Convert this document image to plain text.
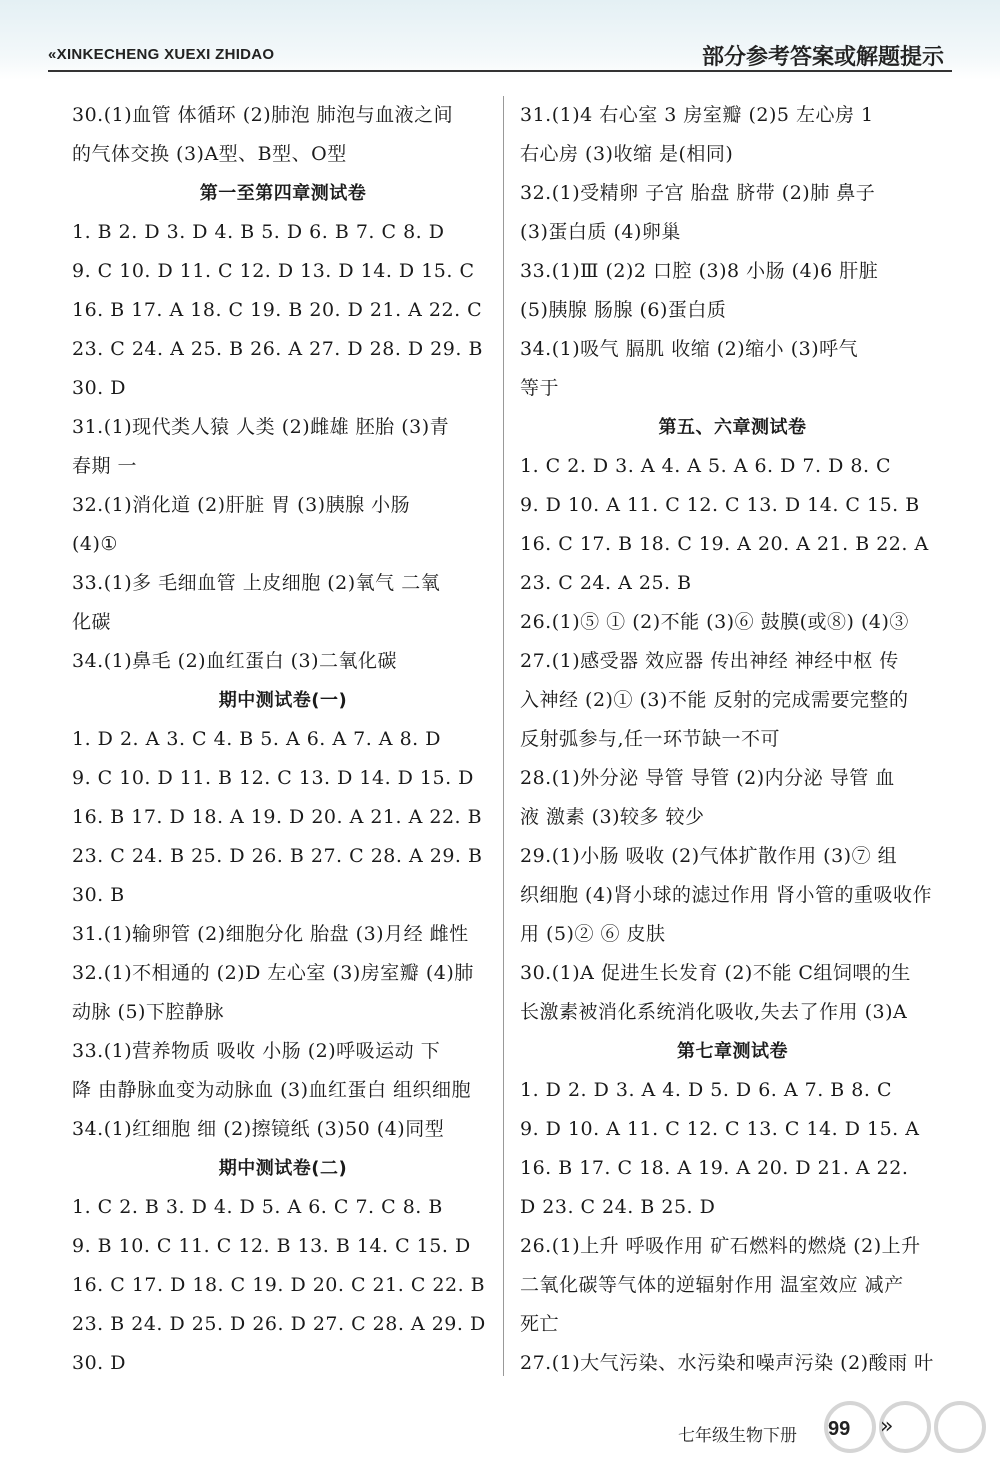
«XINKECHENG XUEXI ZHIDAO	部分参考答案或解题提示
30.(1)血管 体循环 (2)肺泡 肺泡与血液之间
的气体交换 (3)A型、B型、O型
第一至第四章测试卷
1. B 2. D 3. D 4. B 5. D 6. B 7. C 8. D
9. C 10. D 11. C 12. D 13. D 14. D 15. C
16. B 17. A 18. C 19. B 20. D 21. A 22. C
23. C 24. A 25. B 26. A 27. D 28. D 29. B
30. D
31.(1)现代类人猿 人类 (2)雌雄 胚胎 (3)青
春期 一
32.(1)消化道 (2)肝脏 胃 (3)胰腺 小肠
(4)①
33.(1)多 毛细血管 上皮细胞 (2)氧气 二氧
化碳
34.(1)鼻毛 (2)血红蛋白 (3)二氧化碳
期中测试卷(一)
1. D 2. A 3. C 4. B 5. A 6. A 7. A 8. D
9. C 10. D 11. B 12. C 13. D 14. D 15. D
16. B 17. D 18. A 19. D 20. A 21. A 22. B
23. C 24. B 25. D 26. B 27. C 28. A 29. B
30. B
31.(1)输卵管 (2)细胞分化 胎盘 (3)月经 雌性
32.(1)不相通的 (2)D 左心室 (3)房室瓣 (4)肺
动脉 (5)下腔静脉
33.(1)营养物质 吸收 小肠 (2)呼吸运动 下
降 由静脉血变为动脉血 (3)血红蛋白 组织细胞
34.(1)红细胞 细 (2)擦镜纸 (3)50 (4)同型
期中测试卷(二)
1. C 2. B 3. D 4. D 5. A 6. C 7. C 8. B
9. B 10. C 11. C 12. B 13. B 14. C 15. D
16. C 17. D 18. C 19. D 20. C 21. C 22. B
23. B 24. D 25. D 26. D 27. C 28. A 29. D
30. D
31.(1)4 右心室 3 房室瓣 (2)5 左心房 1
右心房 (3)收缩 是(相同)
32.(1)受精卵 子宫 胎盘 脐带 (2)肺 鼻子
(3)蛋白质 (4)卵巢
33.(1)Ⅲ (2)2 口腔 (3)8 小肠 (4)6 肝脏
(5)胰腺 肠腺 (6)蛋白质
34.(1)吸气 膈肌 收缩 (2)缩小 (3)呼气
等于
第五、六章测试卷
1. C 2. D 3. A 4. A 5. A 6. D 7. D 8. C
9. D 10. A 11. C 12. C 13. D 14. C 15. B
16. C 17. B 18. C 19. A 20. A 21. B 22. A
23. C 24. A 25. B
26.(1)⑤ ① (2)不能 (3)⑥ 鼓膜(或⑧) (4)③
27.(1)感受器 效应器 传出神经 神经中枢 传
入神经 (2)① (3)不能 反射的完成需要完整的
反射弧参与,任一环节缺一不可
28.(1)外分泌 导管 导管 (2)内分泌 导管 血
液 激素 (3)较多 较少
29.(1)小肠 吸收 (2)气体扩散作用 (3)⑦ 组
织细胞 (4)肾小球的滤过作用 肾小管的重吸收作
用 (5)② ⑥ 皮肤
30.(1)A 促进生长发育 (2)不能 C组饲喂的生
长激素被消化系统消化吸收,失去了作用 (3)A
第七章测试卷
1. D 2. D 3. A 4. D 5. D 6. A 7. B 8. C
9. D 10. A 11. C 12. C 13. C 14. D 15. A
16. B 17. C 18. A 19. A 20. D 21. A 22.
D 23. C 24. B 25. D
26.(1)上升 呼吸作用 矿石燃料的燃烧 (2)上升
二氧化碳等气体的逆辐射作用 温室效应 减产
死亡
27.(1)大气污染、水污染和噪声污染 (2)酸雨 叶
七年级生物下册 99 »
